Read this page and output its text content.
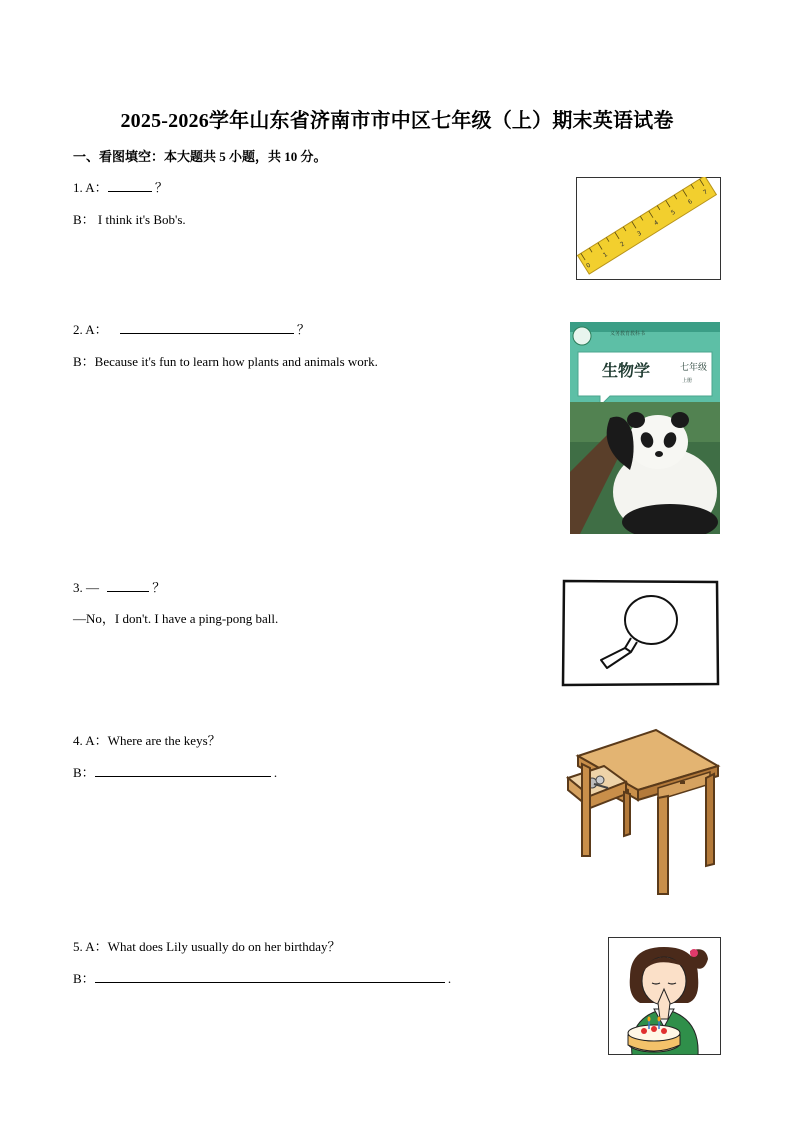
2025-2026学年山东省济南市市中区七年级（上）期末英语试卷
一、看图填空：本大题共 5 小题，共 10 分。
1. A：	？
B： I think it's Bob's.
2. A：	？
B：Because it's fun to learn how plants and animals work.
3. —	？
—No，I don't. I have a ping-pong ball.
4. A：Where are the keys？
B：	.
5. A：What does Lily usually do on her birthday？
B：	.
0
1
2
3
4
5
6
7
义务教育教科书
生物学	七年级
上册
